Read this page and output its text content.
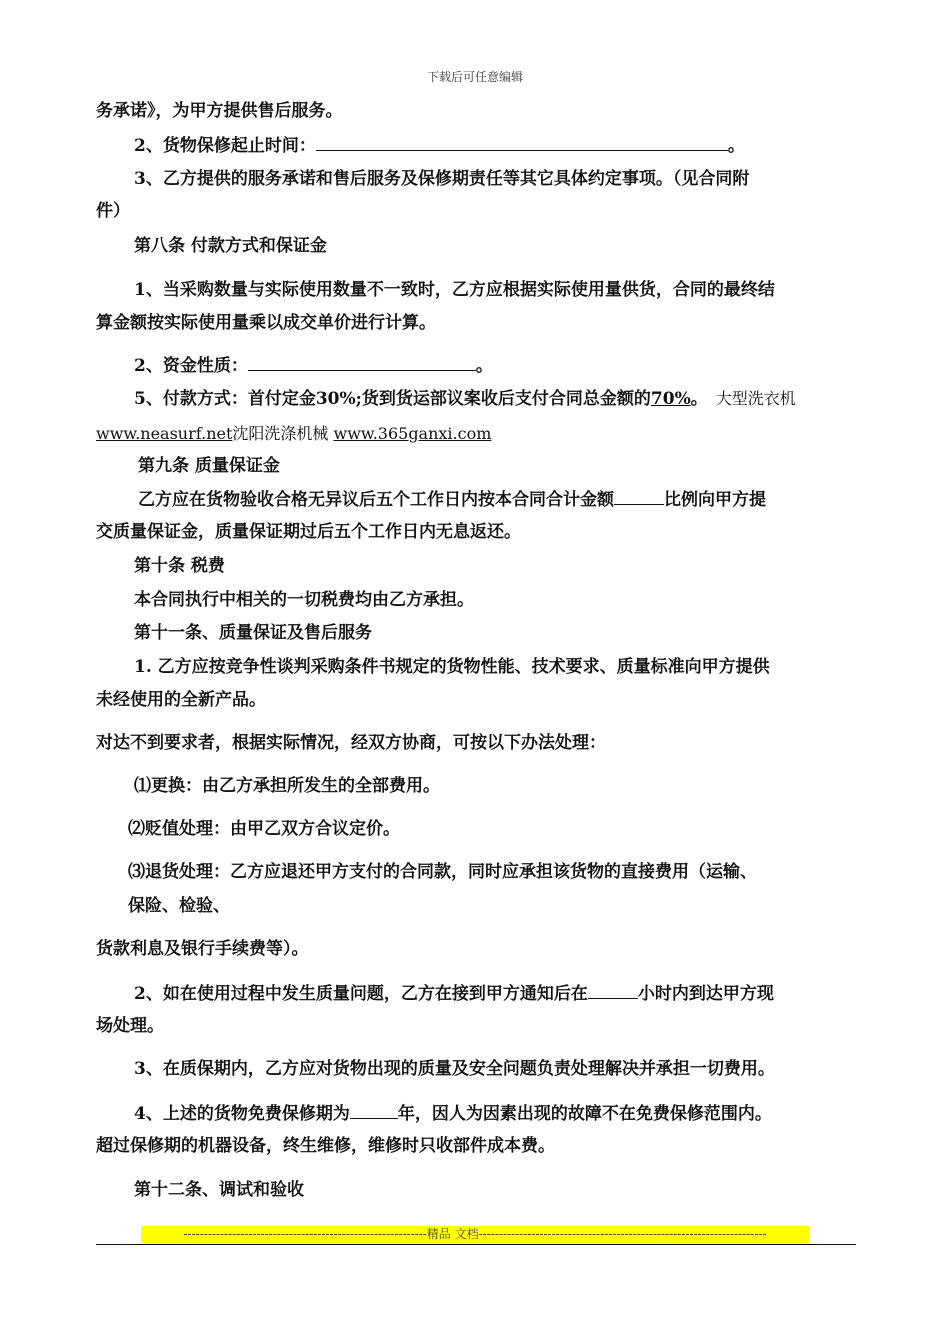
下载后可任意编辑
务承诺》，为甲方提供售后服务。
2、货物保修起止时间：	。
3、乙方提供的服务承诺和售后服务及保修期责任等其它具体约定事项。（见合同附
件）
第八条 付款方式和保证金
1、当采购数量与实际使用数量不一致时，乙方应根据实际使用量供货，合同的最终结
算金额按实际使用量乘以成交单价进行计算。
2、资金性质：	。
5、付款方式：首付定金30%;货到货运部议案收后支付合同总金额的70%。 大型洗衣机
www.neasurf.net沈阳洗涤机械 www.365ganxi.com
第九条 质量保证金
乙方应在货物验收合格无异议后五个工作日内按本合同合计金额	比例向甲方提
交质量保证金，质量保证期过后五个工作日内无息返还。
第十条 税费
本合同执行中相关的一切税费均由乙方承担。
第十一条、质量保证及售后服务
1. 乙方应按竞争性谈判采购条件书规定的货物性能、技术要求、质量标准向甲方提供
未经使用的全新产品。
对达不到要求者，根据实际情况，经双方协商，可按以下办法处理：
⑴更换：由乙方承担所发生的全部费用。
⑵贬值处理：由甲乙双方合议定价。
⑶退货处理：乙方应退还甲方支付的合同款，同时应承担该货物的直接费用（运输、
保险、检验、
货款利息及银行手续费等）。
2、如在使用过程中发生质量问题，乙方在接到甲方通知后在	小时内到达甲方现
场处理。
3、在质保期内，乙方应对货物出现的质量及安全问题负责处理解决并承担一切费用。
4、上述的货物免费保修期为	年，因人为因素出现的故障不在免费保修范围内。
超过保修期的机器设备，终生维修，维修时只收部件成本费。
第十二条、调试和验收
------------------------------------------------------------精品 文档-----------------------------------------------------------------------
